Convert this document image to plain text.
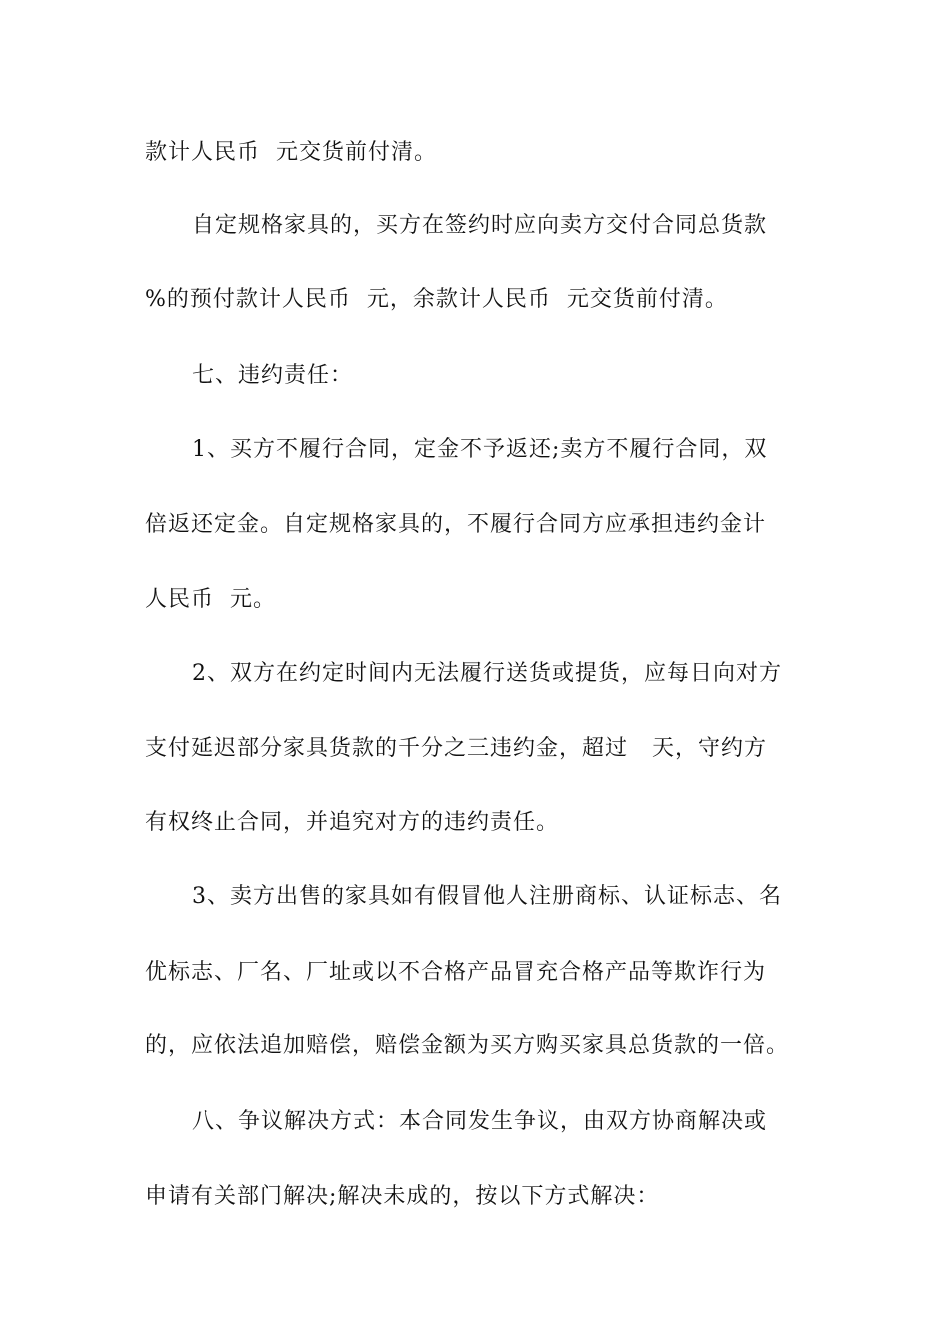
款计人民币  元交货前付清。
自定规格家具的，买方在签约时应向卖方交付合同总货款
%的预付款计人民币  元，余款计人民币  元交货前付清。
七、违约责任：
1、买方不履行合同，定金不予返还;卖方不履行合同，双
倍返还定金。自定规格家具的，不履行合同方应承担违约金计
人民币  元。
2、双方在约定时间内无法履行送货或提货，应每日向对方
支付延迟部分家具货款的千分之三违约金，超过   天，守约方
有权终止合同，并追究对方的违约责任。
3、卖方出售的家具如有假冒他人注册商标、认证标志、名
优标志、厂名、厂址或以不合格产品冒充合格产品等欺诈行为
的，应依法追加赔偿，赔偿金额为买方购买家具总货款的一倍。
八、争议解决方式：本合同发生争议，由双方协商解决或
申请有关部门解决;解决未成的，按以下方式解决：
